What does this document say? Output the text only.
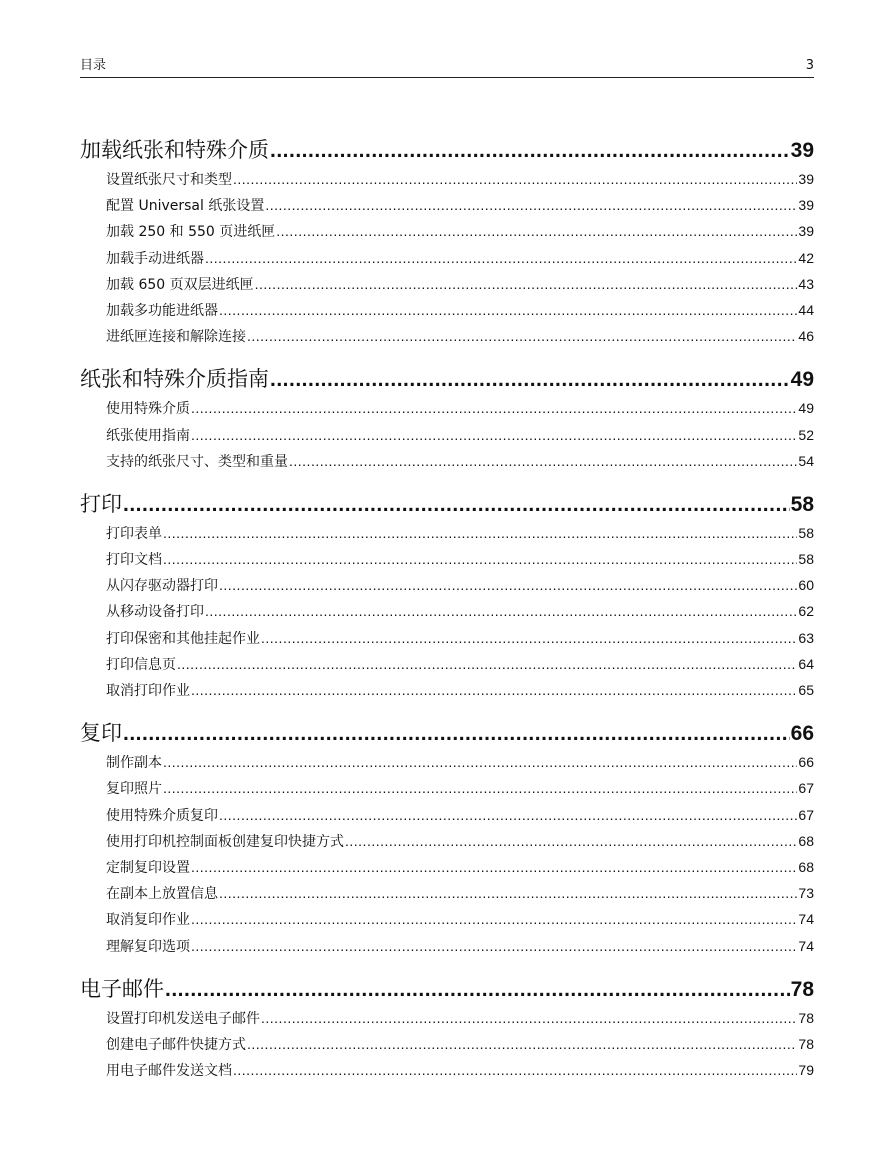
目录	3
加载纸张和特殊介质 .....	39
设置纸张尺寸和类型 .....	39
配置 Universal 纸张设置 .....	39
加载 250 和 550 页进纸匣 .....	39
加载手动进纸器 .....	42
加载 650 页双层进纸匣 .....	43
加载多功能进纸器 .....	44
进纸匣连接和解除连接 .....	46
纸张和特殊介质指南 .....	49
使用特殊介质 .....	49
纸张使用指南 .....	52
支持的纸张尺寸、类型和重量 .....	54
打印 .....	58
打印表单 .....	58
打印文档 .....	58
从闪存驱动器打印 .....	60
从移动设备打印 .....	62
打印保密和其他挂起作业 .....	63
打印信息页 .....	64
取消打印作业 .....	65
复印 .....	66
制作副本 .....	66
复印照片 .....	67
使用特殊介质复印 .....	67
使用打印机控制面板创建复印快捷方式 .....	68
定制复印设置 .....	68
在副本上放置信息 .....	73
取消复印作业 .....	74
理解复印选项 .....	74
电子邮件 .....	78
设置打印机发送电子邮件 .....	78
创建电子邮件快捷方式 .....	78
用电子邮件发送文档 .....	79
